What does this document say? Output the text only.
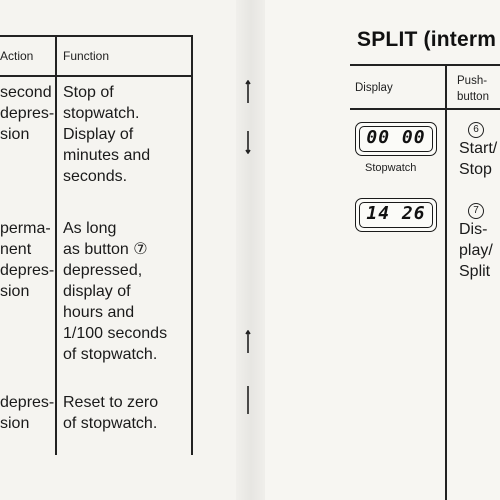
Action Function
second
depres-
sion
Stop of
stopwatch.
Display of
minutes and
seconds.
perma-
nent
depres-
sion
As long
as button ⑦
depressed,
display of
hours and
1/100 seconds
of stopwatch.
depres-
sion
Reset to zero
of stopwatch.
SPLIT (interm
Display
Push-
button
00 00
Stopwatch
6
Start/
Stop
14 26	7
Dis-
play/
Split
